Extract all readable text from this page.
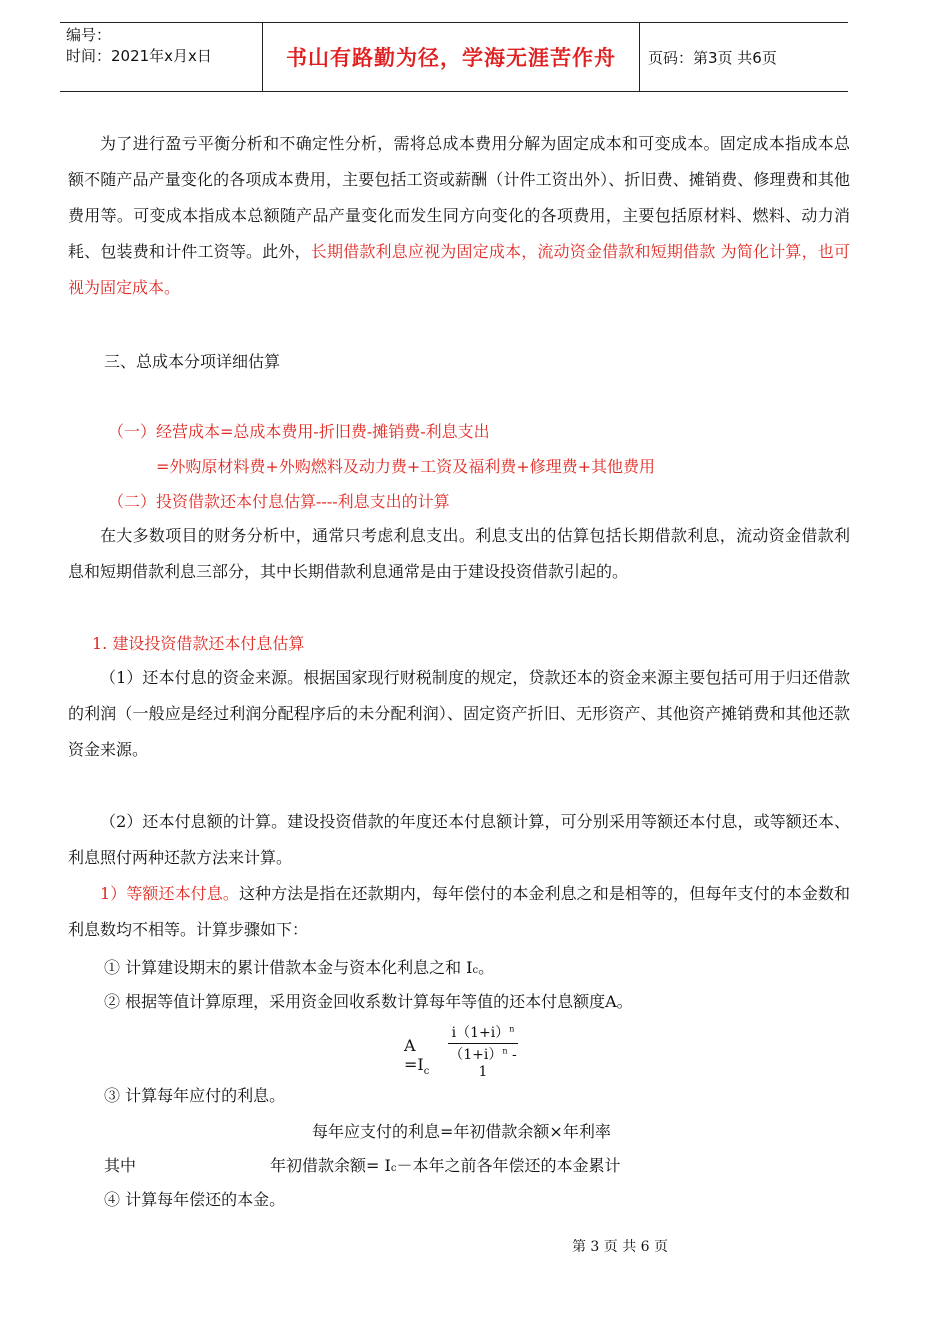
编号：
时间：2021年x月x日	书山有路勤为径，学海无涯苦作舟	页码：第3页 共6页

为了进行盈亏平衡分析和不确定性分析，需将总成本费用分解为固定成本和可变成本。固定成本指成本总额不随产品产量变化的各项成本费用，主要包括工资或薪酬（计件工资出外）、折旧费、摊销费、修理费和其他费用等。可变成本指成本总额随产品产量变化而发生同方向变化的各项费用，主要包括原材料、燃料、动力消耗、包装费和计件工资等。此外，长期借款利息应视为固定成本，流动资金借款和短期借款 为简化计算，也可视为固定成本。

三、总成本分项详细估算

（一）经营成本=总成本费用-折旧费-摊销费-利息支出

=外购原材料费+外购燃料及动力费+工资及福利费+修理费+其他费用

（二）投资借款还本付息估算----利息支出的计算

在大多数项目的财务分析中，通常只考虑利息支出。利息支出的估算包括长期借款利息，流动资金借款利息和短期借款利息三部分，其中长期借款利息通常是由于建设投资借款引起的。

1. 建设投资借款还本付息估算

（1）还本付息的资金来源。根据国家现行财税制度的规定，贷款还本的资金来源主要包括可用于归还借款的利润（一般应是经过利润分配程序后的未分配利润）、固定资产折旧、无形资产、其他资产摊销费和其他还款资金来源。

（2）还本付息额的计算。建设投资借款的年度还本付息额计算，可分别采用等额还本付息，或等额还本、利息照付两种还款方法来计算。

1）等额还本付息。这种方法是指在还款期内，每年偿付的本金利息之和是相等的，但每年支付的本金数和利息数均不相等。计算步骤如下：

① 计算建设期末的累计借款本金与资本化利息之和 Ic。

② 根据等值计算原理，采用资金回收系数计算每年等值的还本付息额度A。

$A =I_c \frac{i(1+i)^n}{(1+i)^n - 1}$

③ 计算每年应付的利息。

每年应支付的利息=年初借款余额×年利率

其中	年初借款余额= Ic－本年之前各年偿还的本金累计

④ 计算每年偿还的本金。

第 3 页 共 6 页
